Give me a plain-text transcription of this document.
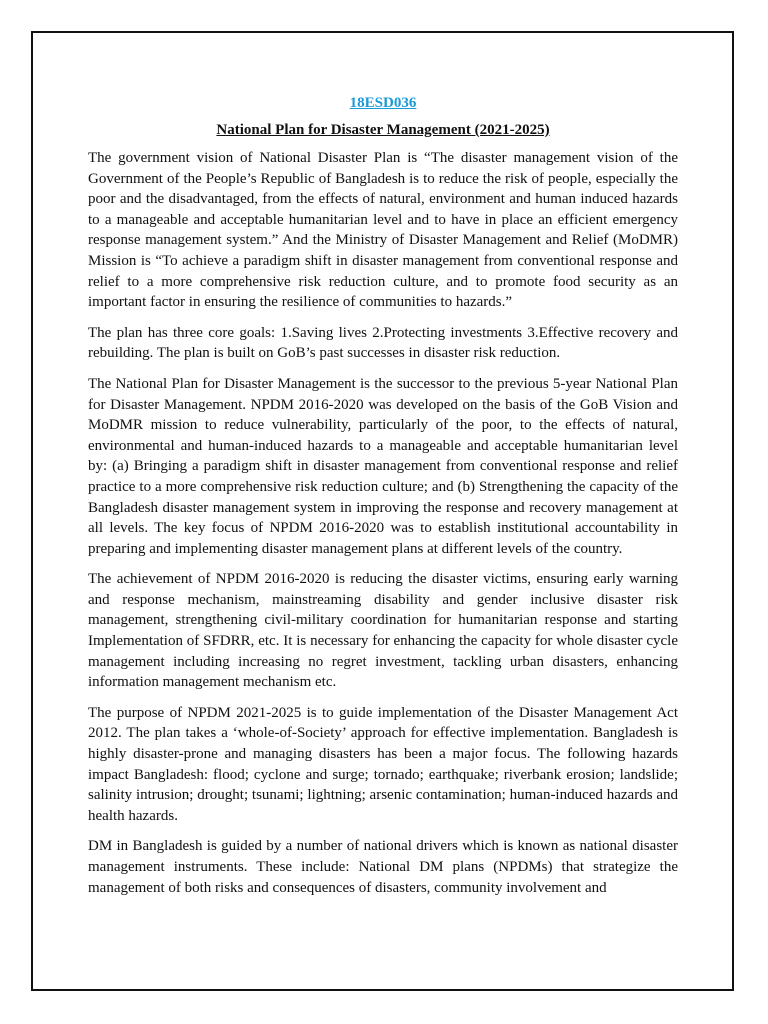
18ESD036
National Plan for Disaster Management (2021-2025)

The government vision of National Disaster Plan is “The disaster management vision of the Government of the People’s Republic of Bangladesh is to reduce the risk of people, especially the poor and the disadvantaged, from the effects of natural, environment and human induced hazards to a manageable and acceptable humanitarian level and to have in place an efficient emergency response management system.” And the Ministry of Disaster Management and Relief (MoDMR) Mission is “To achieve a paradigm shift in disaster management from conventional response and relief to a more comprehensive risk reduction culture, and to promote food security as an important factor in ensuring the resilience of communities to hazards.”

The plan has three core goals: 1.Saving lives 2.Protecting investments 3.Effective recovery and rebuilding. The plan is built on GoB’s past successes in disaster risk reduction.

The National Plan for Disaster Management is the successor to the previous 5-year National Plan for Disaster Management. NPDM 2016-2020 was developed on the basis of the GoB Vision and MoDMR mission to reduce vulnerability, particularly of the poor, to the effects of natural, environmental and human-induced hazards to a manageable and acceptable humanitarian level by: (a) Bringing a paradigm shift in disaster management from conventional response and relief practice to a more comprehensive risk reduction culture; and (b) Strengthening the capacity of the Bangladesh disaster management system in improving the response and recovery management at all levels. The key focus of NPDM 2016-2020 was to establish institutional accountability in preparing and implementing disaster management plans at different levels of the country.

The achievement of NPDM 2016-2020 is reducing the disaster victims, ensuring early warning and response mechanism, mainstreaming disability and gender inclusive disaster risk management, strengthening civil-military coordination for humanitarian response and starting Implementation of SFDRR, etc. It is necessary for enhancing the capacity for whole disaster cycle management including increasing no regret investment, tackling urban disasters, enhancing information management mechanism etc.

The purpose of NPDM 2021-2025 is to guide implementation of the Disaster Management Act 2012. The plan takes a ‘whole-of-Society’ approach for effective implementation. Bangladesh is highly disaster-prone and managing disasters has been a major focus. The following hazards impact Bangladesh: flood; cyclone and surge; tornado; earthquake; riverbank erosion; landslide; salinity intrusion; drought; tsunami; lightning; arsenic contamination; human-induced hazards and health hazards.

DM in Bangladesh is guided by a number of national drivers which is known as national disaster management instruments. These include: National DM plans (NPDMs) that strategize the management of both risks and consequences of disasters, community involvement and
